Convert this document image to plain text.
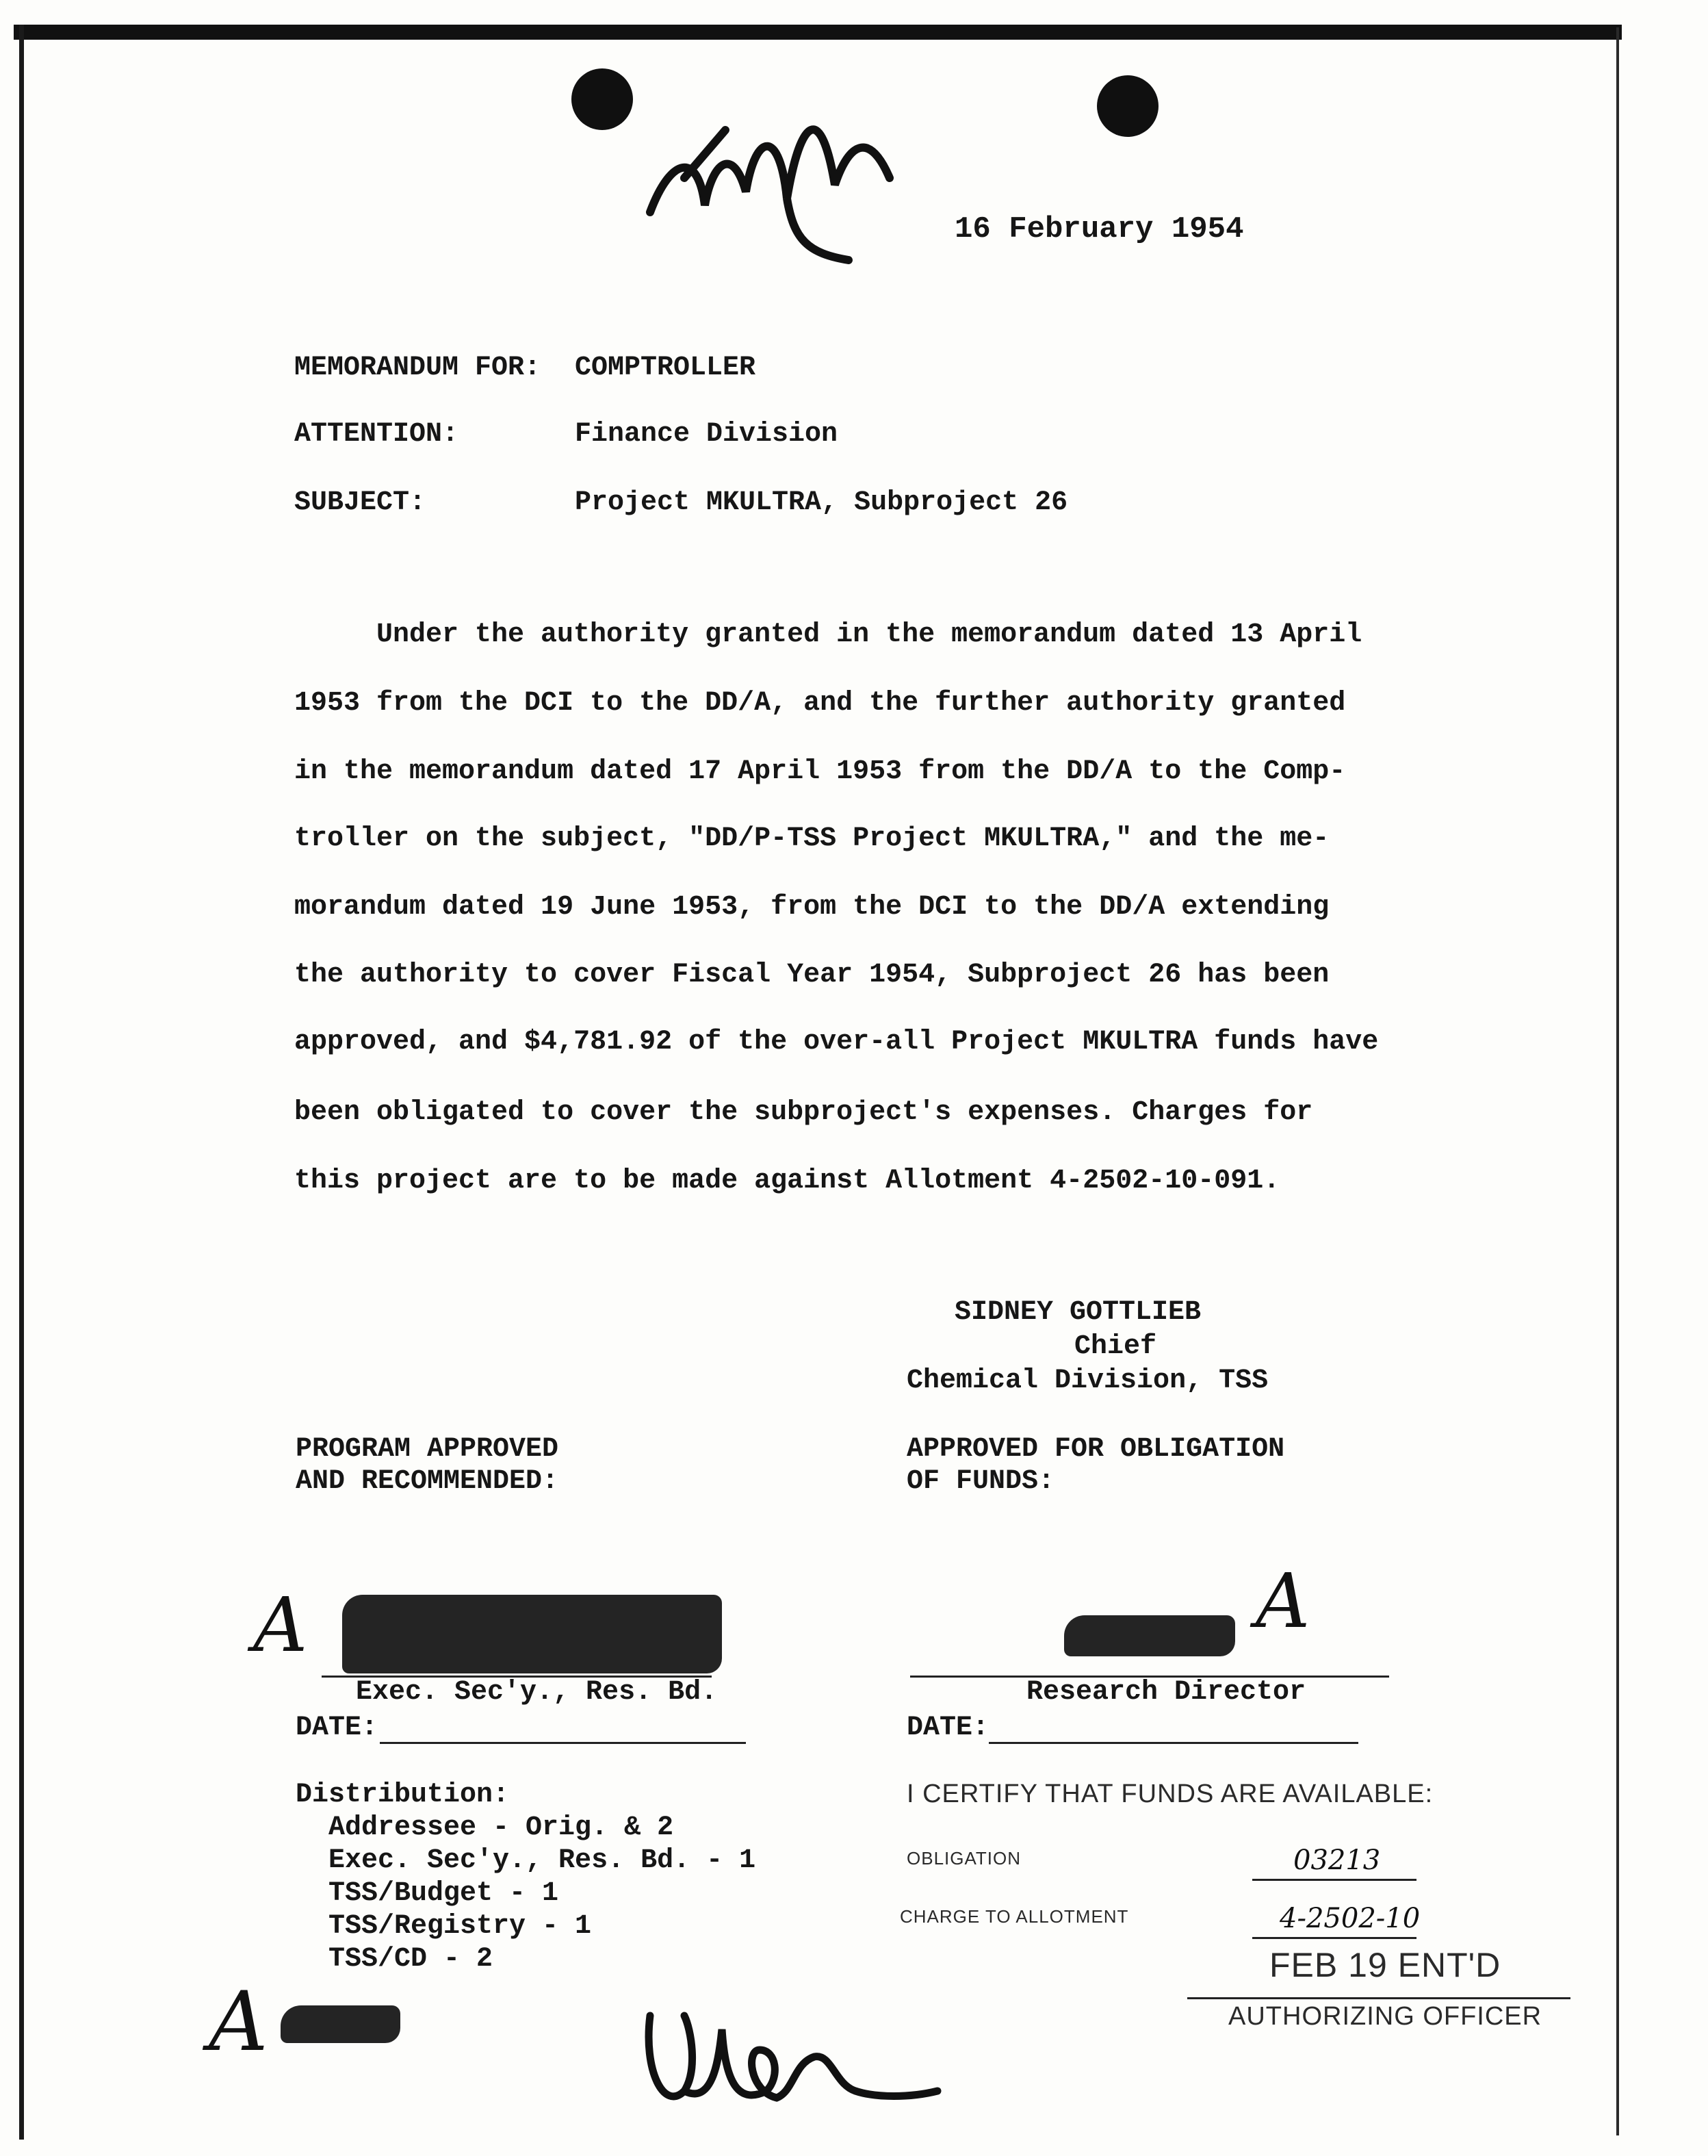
16 February 1954
MEMORANDUM FOR: COMPTROLLER
ATTENTION:	Finance Division
SUBJECT:	Project MKULTRA, Subproject 26
Under the authority granted in the memorandum dated 13 April
1953 from the DCI to the DD/A, and the further authority granted
in the memorandum dated 17 April 1953 from the DD/A to the Comp-
troller on the subject, "DD/P-TSS Project MKULTRA," and the me-
morandum dated 19 June 1953, from the DCI to the DD/A extending
the authority to cover Fiscal Year 1954, Subproject 26 has been
approved, and $4,781.92 of the over-all Project MKULTRA funds have
been obligated to cover the subproject's expenses. Charges for
this project are to be made against Allotment 4-2502-10-091.
SIDNEY GOTTLIEB
Chief
Chemical Division, TSS
PROGRAM APPROVED
AND RECOMMENDED:
APPROVED FOR OBLIGATION
OF FUNDS:
A	A
Exec. Sec'y., Res. Bd.	Research Director
DATE:	DATE:
Distribution:
Addressee - Orig. & 2
Exec. Sec'y., Res. Bd. - 1
TSS/Budget - 1
TSS/Registry - 1
TSS/CD - 2
I CERTIFY THAT FUNDS ARE AVAILABLE:
OBLIGATION	03213
CHARGE TO ALLOTMENT	4-2502-10
FEB 19 ENT'D
AUTHORIZING OFFICER
A
